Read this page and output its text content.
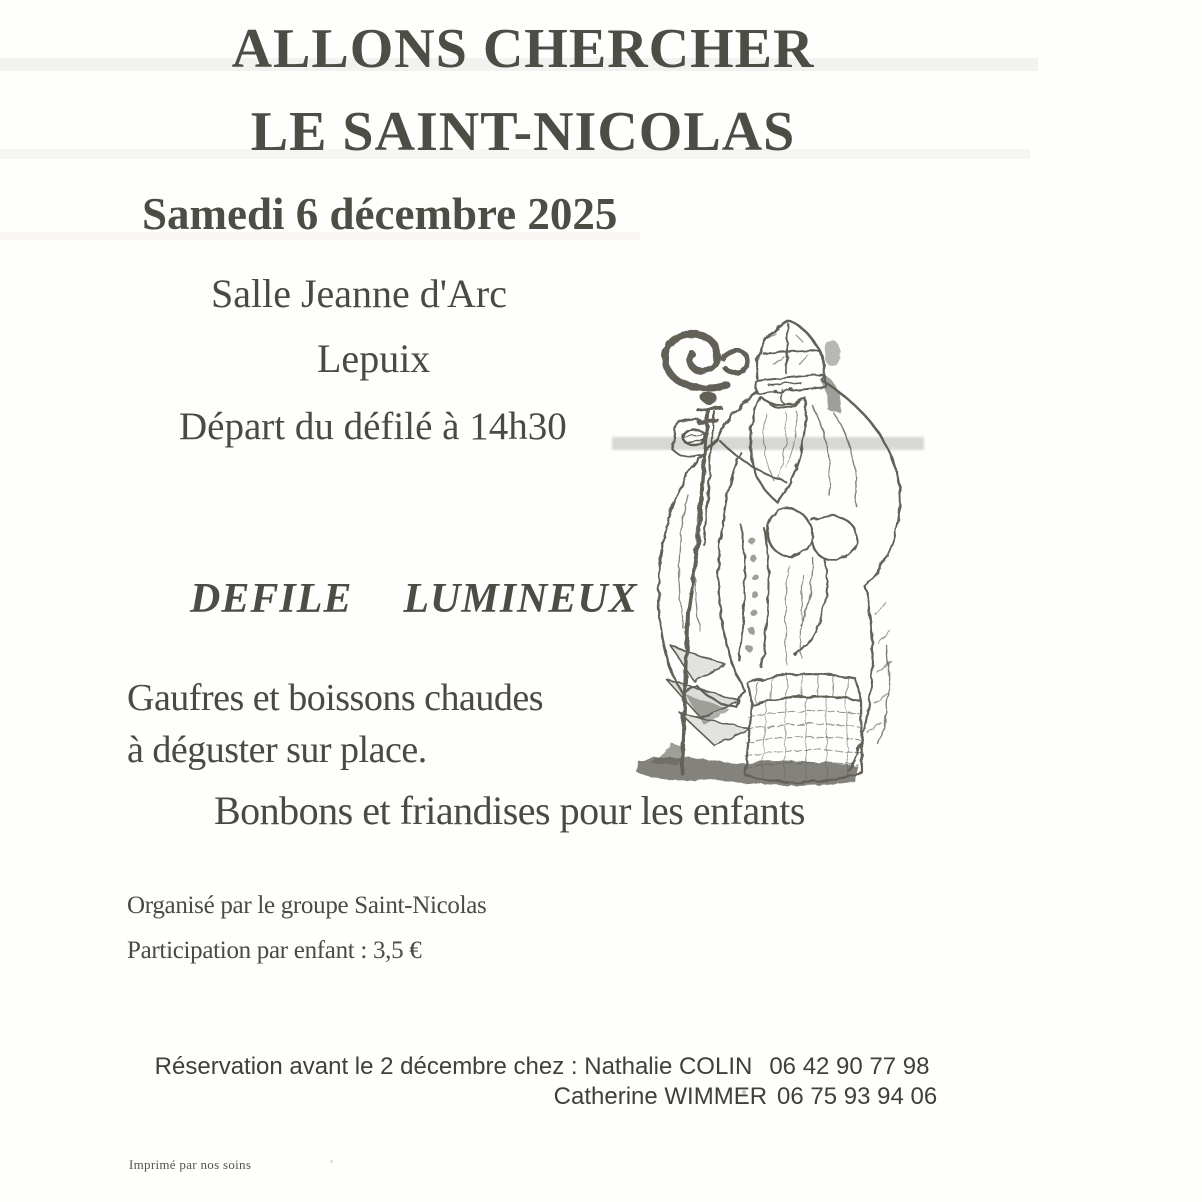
ALLONS CHERCHER
LE SAINT-NICOLAS
Samedi 6 décembre 2025
Salle Jeanne d'Arc
Lepuix
Départ du défilé à 14h30
DEFILE  LUMINEUX
Gaufres et boissons chaudes
à déguster sur place.
Bonbons et friandises pour les enfants
Organisé par le groupe Saint-Nicolas
Participation par enfant : 3,5 €

Réservation avant le 2 décembre chez : Nathalie COLIN 06 42 90 77 98

Catherine WIMMER 06 75 93 94 06

Imprimé par nos soins
